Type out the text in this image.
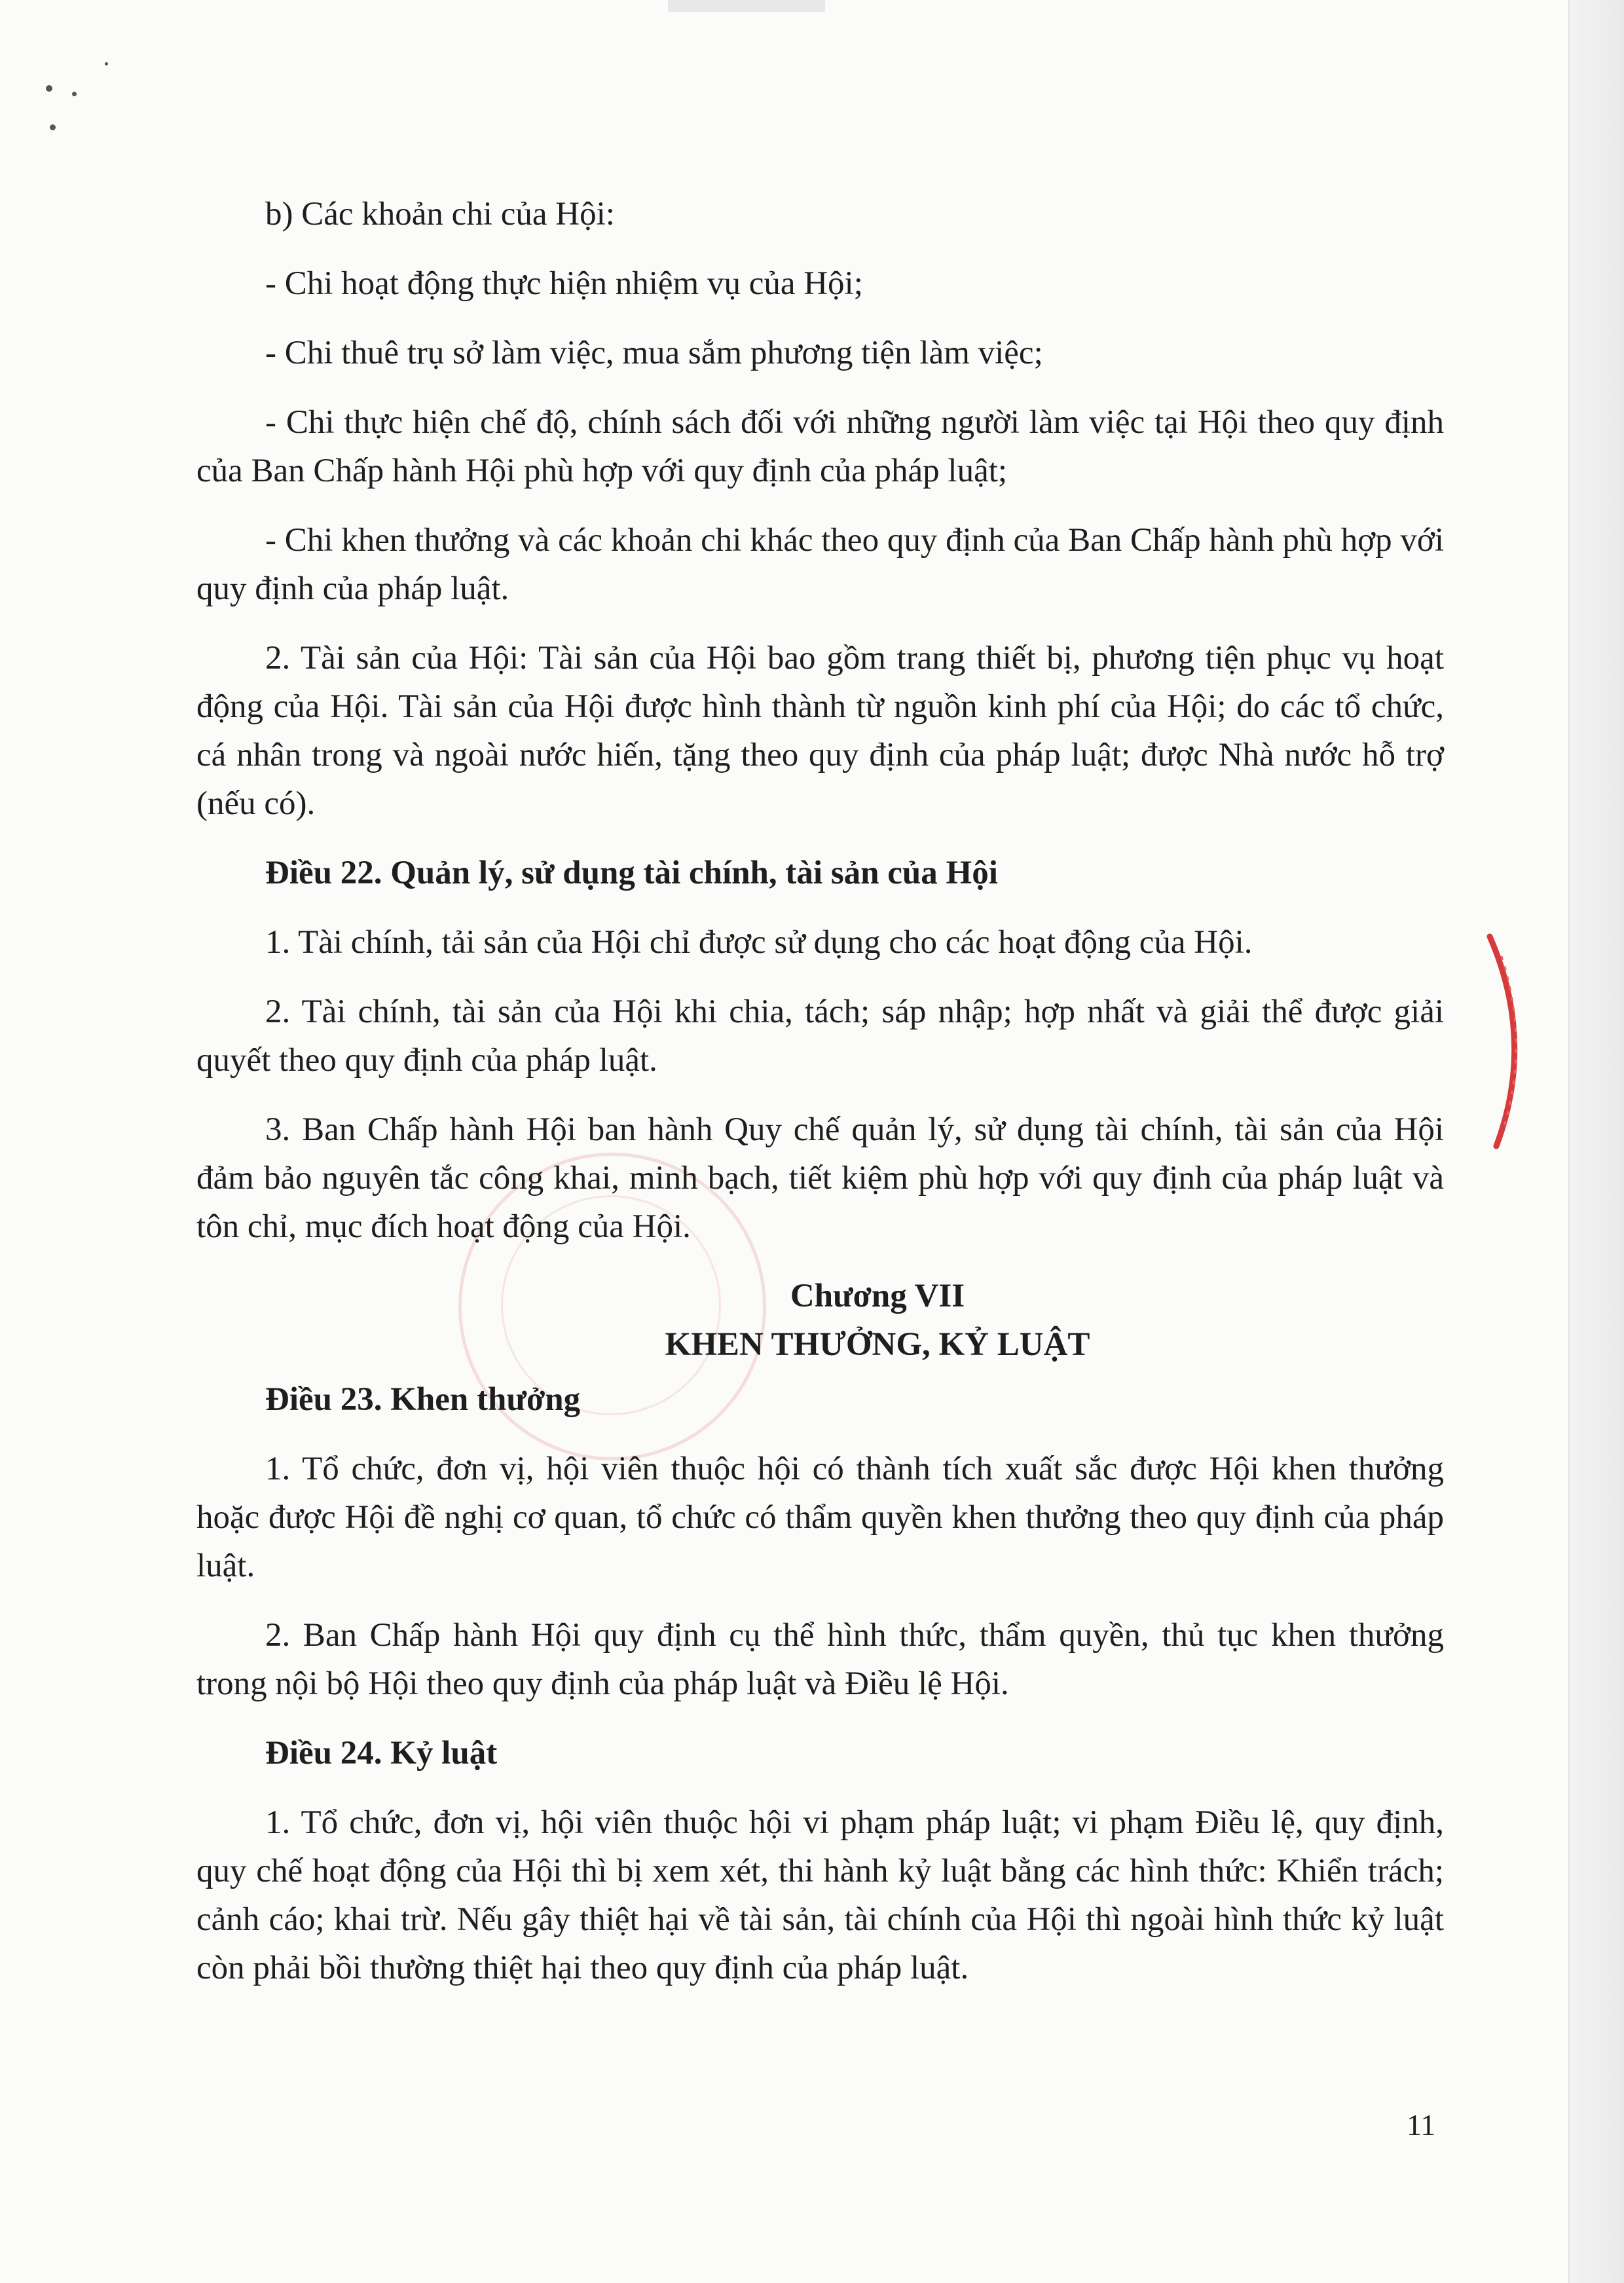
b) Các khoản chi của Hội:

- Chi hoạt động thực hiện nhiệm vụ của Hội;

- Chi thuê trụ sở làm việc, mua sắm phương tiện làm việc;

- Chi thực hiện chế độ, chính sách đối với những người làm việc tại Hội theo quy định của Ban Chấp hành Hội phù hợp với quy định của pháp luật;

- Chi khen thưởng và các khoản chi khác theo quy định của Ban Chấp hành phù hợp với quy định của pháp luật.

2. Tài sản của Hội: Tài sản của Hội bao gồm trang thiết bị, phương tiện phục vụ hoạt động của Hội. Tài sản của Hội được hình thành từ nguồn kinh phí của Hội; do các tổ chức, cá nhân trong và ngoài nước hiến, tặng theo quy định của pháp luật; được Nhà nước hỗ trợ (nếu có).

Điều 22. Quản lý, sử dụng tài chính, tài sản của Hội

1. Tài chính, tải sản của Hội chỉ được sử dụng cho các hoạt động của Hội.

2. Tài chính, tài sản của Hội khi chia, tách; sáp nhập; hợp nhất và giải thể được giải quyết theo quy định của pháp luật.

3. Ban Chấp hành Hội ban hành Quy chế quản lý, sử dụng tài chính, tài sản của Hội đảm bảo nguyên tắc công khai, minh bạch, tiết kiệm phù hợp với quy định của pháp luật và tôn chỉ, mục đích hoạt động của Hội.

Chương VII

KHEN THƯỞNG, KỶ LUẬT

Điều 23. Khen thưởng

1. Tổ chức, đơn vị, hội viên thuộc hội có thành tích xuất sắc được Hội khen thưởng hoặc được Hội đề nghị cơ quan, tổ chức có thẩm quyền khen thưởng theo quy định của pháp luật.

2. Ban Chấp hành Hội quy định cụ thể hình thức, thẩm quyền, thủ tục khen thưởng trong nội bộ Hội theo quy định của pháp luật và Điều lệ Hội.

Điều 24. Kỷ luật

1. Tổ chức, đơn vị, hội viên thuộc hội vi phạm pháp luật; vi phạm Điều lệ, quy định, quy chế hoạt động của Hội thì bị xem xét, thi hành kỷ luật bằng các hình thức: Khiển trách; cảnh cáo; khai trừ. Nếu gây thiệt hại về tài sản, tài chính của Hội thì ngoài hình thức kỷ luật còn phải bồi thường thiệt hại theo quy định của pháp luật.

11
